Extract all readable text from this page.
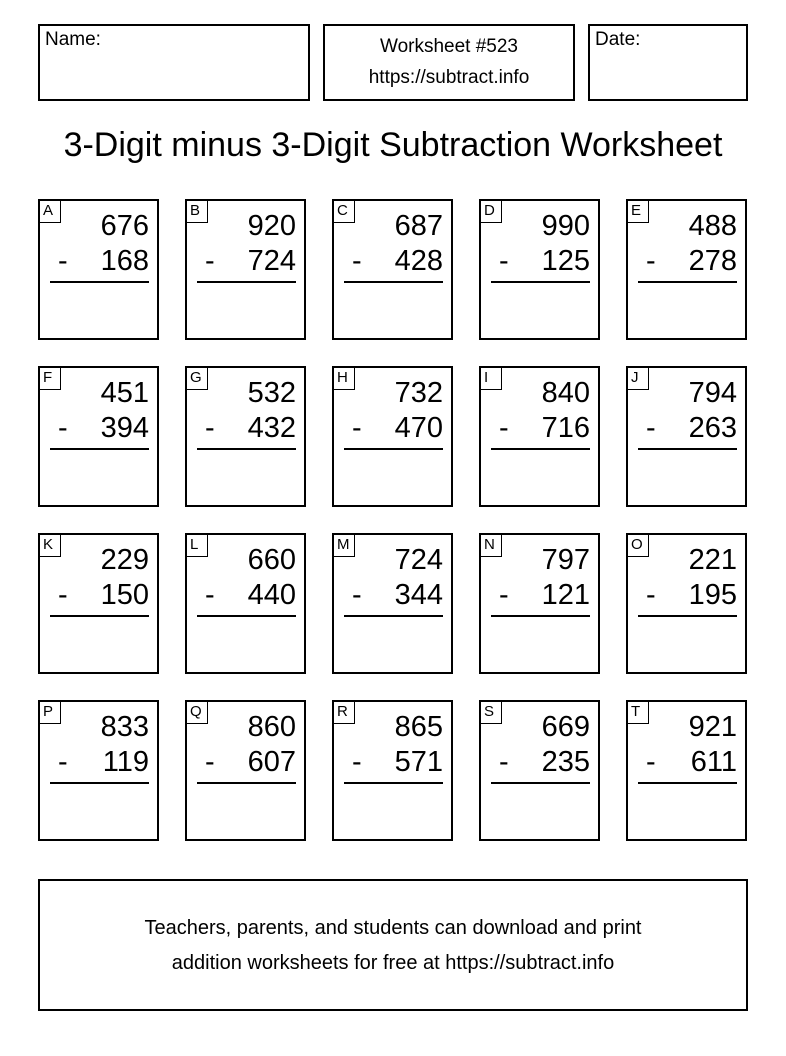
Name:	Worksheet #523
https://subtract.info
Date:
3-Digit minus 3-Digit Subtraction Worksheet
A 676
- 168
B 920
- 724
C 687
- 428
D 990
- 125
E 488
- 278
F	451
- 394
G 532
- 432
H 732
- 470
I	840
- 716
J	794
- 263
K 229
- 150
L	660
- 440
M 724
- 344
N 797
- 121
O 221
- 195
P 833
- 119
Q 860
- 607
R 865
- 571
S 669
- 235
T	921
- 611
Teachers, parents, and students can download and print
addition worksheets for free at https://subtract.info
